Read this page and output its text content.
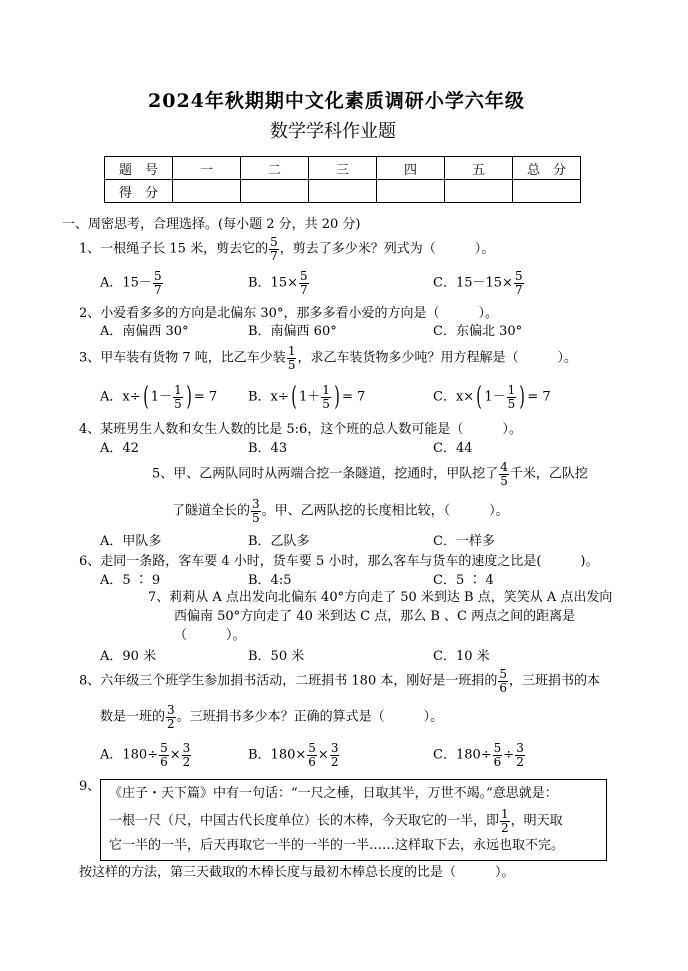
2024年秋期期中文化素质调研小学六年级
数学学科作业题
题　号	一	二	三	四	五	总　分
得　分						
一、周密思考，合理选择。(每小题 2 分，共 20 分)
1、一根绳子长 15 米，剪去它的 $\frac{5}{7}$ ，剪去了多少米？列式为（　　　）。
A．$15- \frac{5}{7}$	B．$15\times \frac{5}{7}$	C．$15-15\times \frac{5}{7}$
2、小爱看多多的方向是北偏东 30°，那多多看小爱的方向是（　　　）。
A．南偏西 30°	B．南偏西 60°	C．东偏北 30°
3、甲车装有货物 7 吨，比乙车少装 $\frac{1}{5}$ ，求乙车装货物多少吨？用方程解是（　　　）。
A．x÷( $1- \frac{1}{5}$ ) = 7 B．x÷( $1+ \frac{1}{5}$ ) = 7	C．x×( $1- \frac{1}{5}$ ) = 7
4、某班男生人数和女生人数的比是 5:6，这个班的总人数可能是（　　　）。
A．42	B．43	C．44
5、甲、乙两队同时从两端合挖一条隧道，挖通时，甲队挖了 $\frac{4}{5}$ 千米，乙队挖
了隧道全长的 $\frac{3}{5}$ 。甲、乙两队挖的长度相比较，（　　　）。
A．甲队多	B．乙队多	C．一样多
6、走同一条路，客车要 4 小时，货车要 5 小时，那么客车与货车的速度之比是(　　　)。
A．5 ∶ 9	B．4:5	C．5 ∶ 4
7、莉莉从 A 点出发向北偏东 40°方向走了 50 米到达 B 点，笑笑从 A 点出发向
西偏南 50°方向走了 40 米到达 C 点，那么 B 、C 两点之间的距离是
（　　　）。
A．90 米	B．50 米	C．10 米
8、六年级三个班学生参加捐书活动，二班捐书 180 本，刚好是一班捐的 $\frac{5}{6}$ ，三班捐书的本
数是一班的 $\frac{3}{2}$ 。三班捐书多少本？正确的算式是（　　　）。
A．$180\div \frac{5}{6} \times \frac{3}{2}$	B．$180\times \frac{5}{6} \times \frac{3}{2}$	C．$180\div \frac{5}{6} \div \frac{3}{2}$
9、 《庄子・天下篇》中有一句话：“一尺之棰，日取其半，万世不竭。”意思就是：
一根一尺（尺，中国古代长度单位）长的木棒，今天取它的一半，即 $\frac{1}{2}$ ，明天取
它一半的一半，后天再取它一半的一半的一半……这样取下去，永远也取不完。
按这样的方法，第三天截取的木棒长度与最初木棒总长度的比是（　　　）。
